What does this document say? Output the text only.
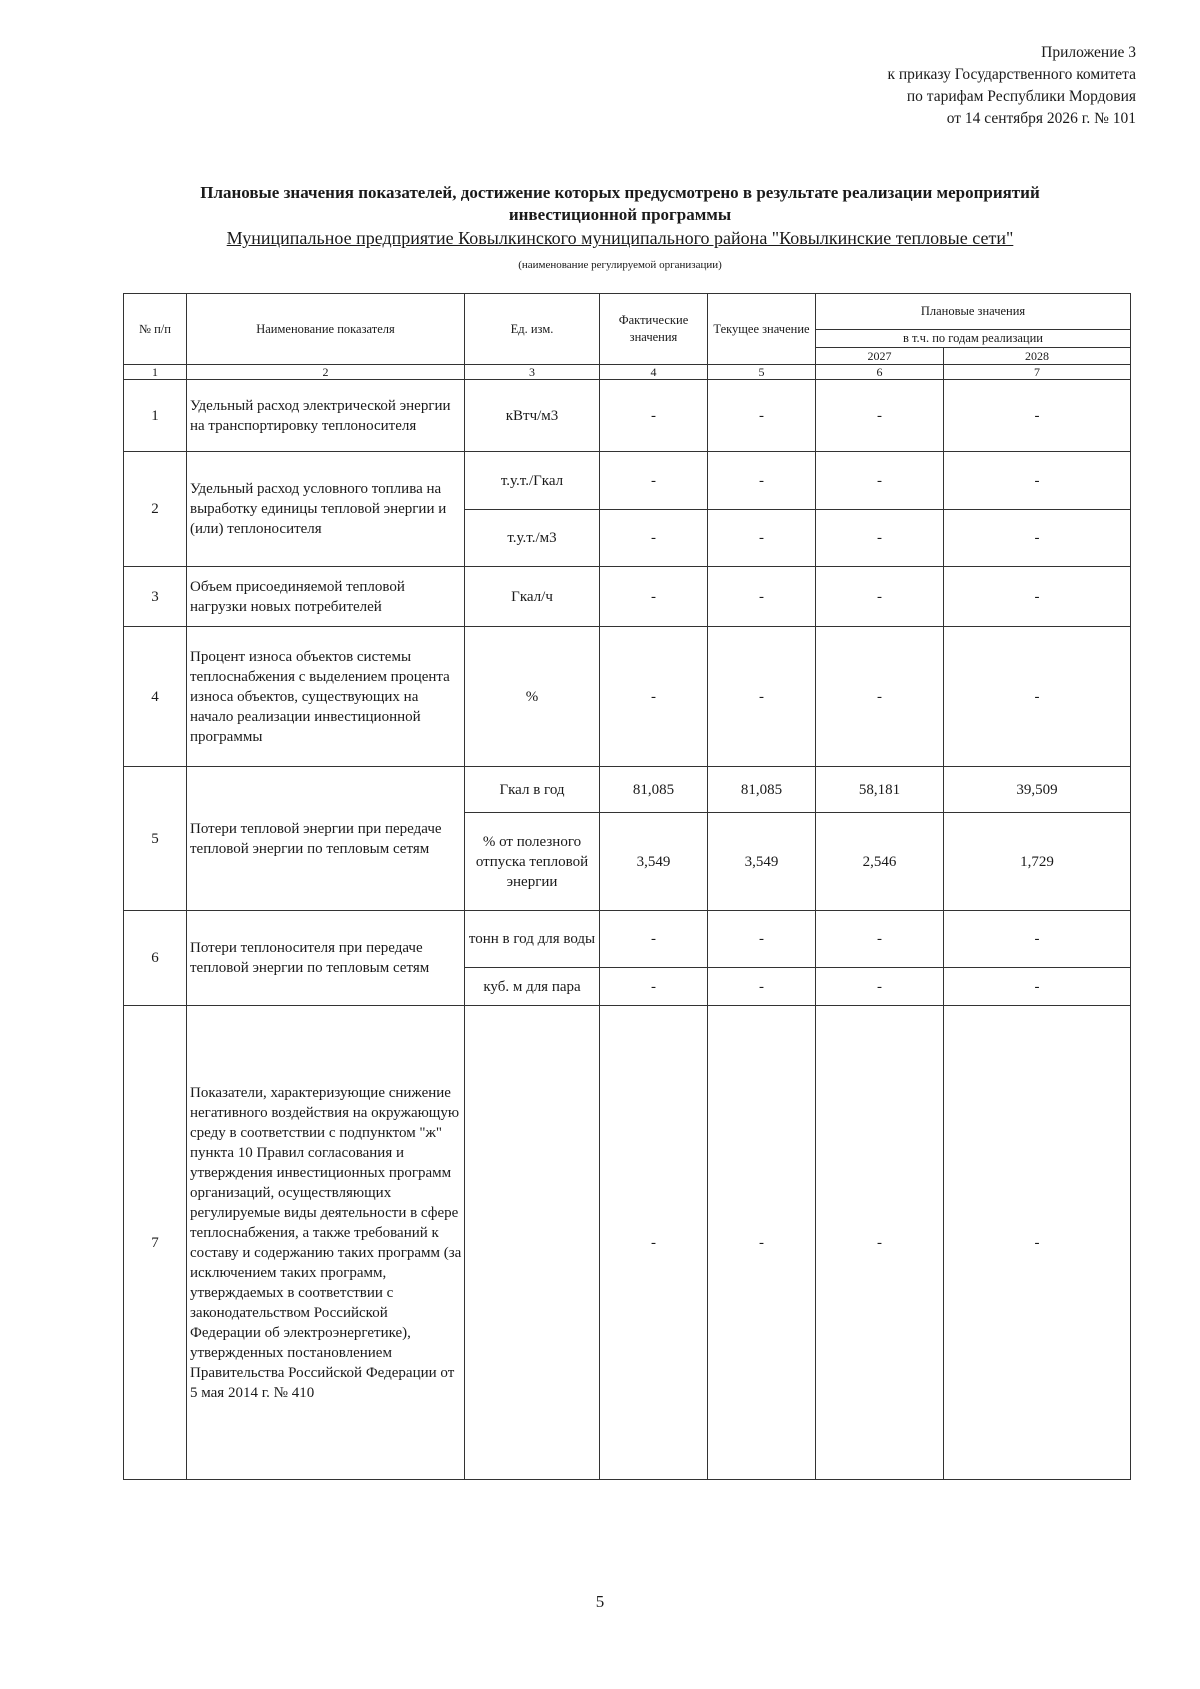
Приложение 3
к приказу Государственного комитета
по тарифам Республики Мордовия
от 14 сентября 2026 г. № 101
Плановые значения показателей, достижение которых предусмотрено в результате реализации мероприятий
инвестиционной программы
Муниципальное предприятие Ковылкинского муниципального района "Ковылкинские тепловые сети"
(наименование регулируемой организации)
№ п/п	Наименование показателя	Ед. изм.	Фактические значения	Текущее значение	Плановые значения	
					в т.ч. по годам реализации	
					2027	2028
1	2	3	4	5	6	7
1	Удельный расход электрической энергии на транспортировку теплоносителя	кВтч/м3	-	-	-	-
2	Удельный расход условного топлива на выработку единицы тепловой энергии и (или) теплоносителя	т.у.т./Гкал	-	-	-	-
		т.у.т./м3	-	-	-	-
3	Объем присоединяемой тепловой нагрузки новых потребителей	Гкал/ч	-	-	-	-
4	Процент износа объектов системы теплоснабжения с выделением процента износа объектов, существующих на начало реализации инвестиционной программы	%	-	-	-	-
5	Потери тепловой энергии при передаче тепловой энергии по тепловым сетям	Гкал в год	81,085	81,085	58,181	39,509
		% от полезного отпуска тепловой энергии	3,549	3,549	2,546	1,729
6	Потери теплоносителя при передаче тепловой энергии по тепловым сетям	тонн в год для воды	-	-	-	-
		куб. м для пара	-	-	-	-
7	Показатели, характеризующие снижение негативного воздействия на окружающую среду в соответствии с подпунктом "ж" пункта 10 Правил согласования и утверждения инвестиционных программ организаций, осуществляющих регулируемые виды деятельности в сфере теплоснабжения, а также требований к составу и содержанию таких программ (за исключением таких программ, утверждаемых в соответствии с законодательством Российской Федерации об электроэнергетике), утвержденных постановлением Правительства Российской Федерации от 5 мая 2014 г. № 410		-	-	-	-
5
